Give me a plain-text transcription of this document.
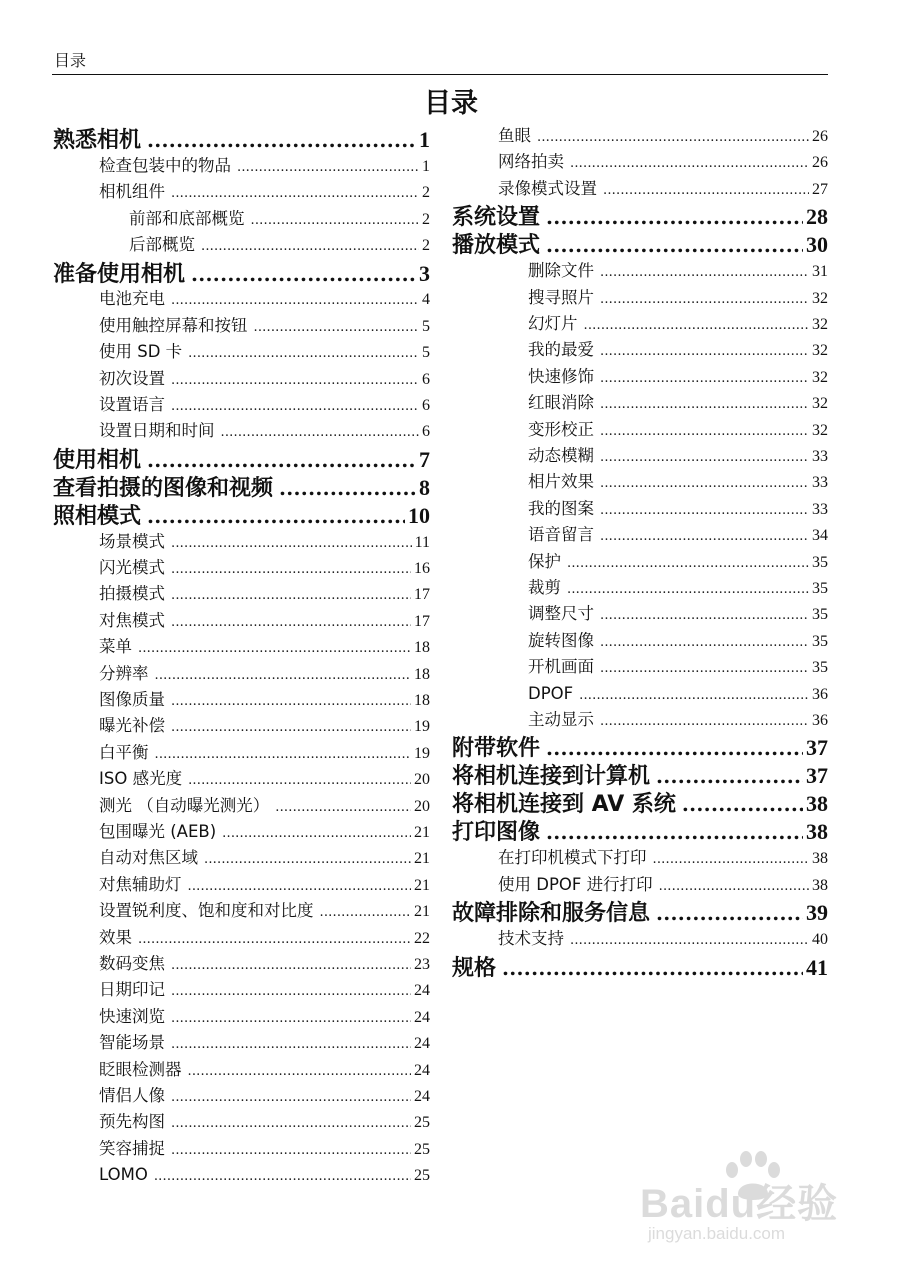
目录
目录
熟悉相机 .....	1
检查包装中的物品 .....	1
相机组件 .....	2
前部和底部概览 .....	2
后部概览 .....	2
准备使用相机 .....	3
电池充电 .....	4
使用触控屏幕和按钮 .....	5
使用 SD 卡 .....	5
初次设置 .....	6
设置语言 .....	6
设置日期和时间 .....	6
使用相机 .....	7
查看拍摄的图像和视频 .....	8
照相模式 .....	10
场景模式 .....	11
闪光模式 .....	16
拍摄模式 .....	17
对焦模式 .....	17
菜单 .....	18
分辨率 .....	18
图像质量 .....	18
曝光补偿 .....	19
白平衡 .....	19
ISO 感光度 .....	20
测光 （自动曝光测光） .....	20
包围曝光 (AEB) .....	21
自动对焦区域 .....	21
对焦辅助灯 .....	21
设置锐利度、饱和度和对比度 .....	21
效果 .....	22
数码变焦 .....	23
日期印记 .....	24
快速浏览 .....	24
智能场景 .....	24
眨眼检测器 .....	24
情侣人像 .....	24
预先构图 .....	25
笑容捕捉 .....	25
LOMO .....	25
鱼眼 .....	26
网络拍卖 .....	26
录像模式设置 .....	27
系统设置 .....	28
播放模式 .....	30
删除文件 .....	31
搜寻照片 .....	32
幻灯片 .....	32
我的最爱 .....	32
快速修饰 .....	32
红眼消除 .....	32
变形校正 .....	32
动态模糊 .....	33
相片效果 .....	33
我的图案 .....	33
语音留言 .....	34
保护 .....	35
裁剪 .....	35
调整尺寸 .....	35
旋转图像 .....	35
开机画面 .....	35
DPOF .....	36
主动显示 .....	36
附带软件 .....	37
将相机连接到计算机 .....	37
将相机连接到 AV 系统 .....	38
打印图像 .....	38
在打印机模式下打印 .....	38
使用 DPOF 进行打印 .....	38
故障排除和服务信息 .....	39
技术支持 .....	40
规格 .....	41
Baidu经验
jingyan.baidu.com
